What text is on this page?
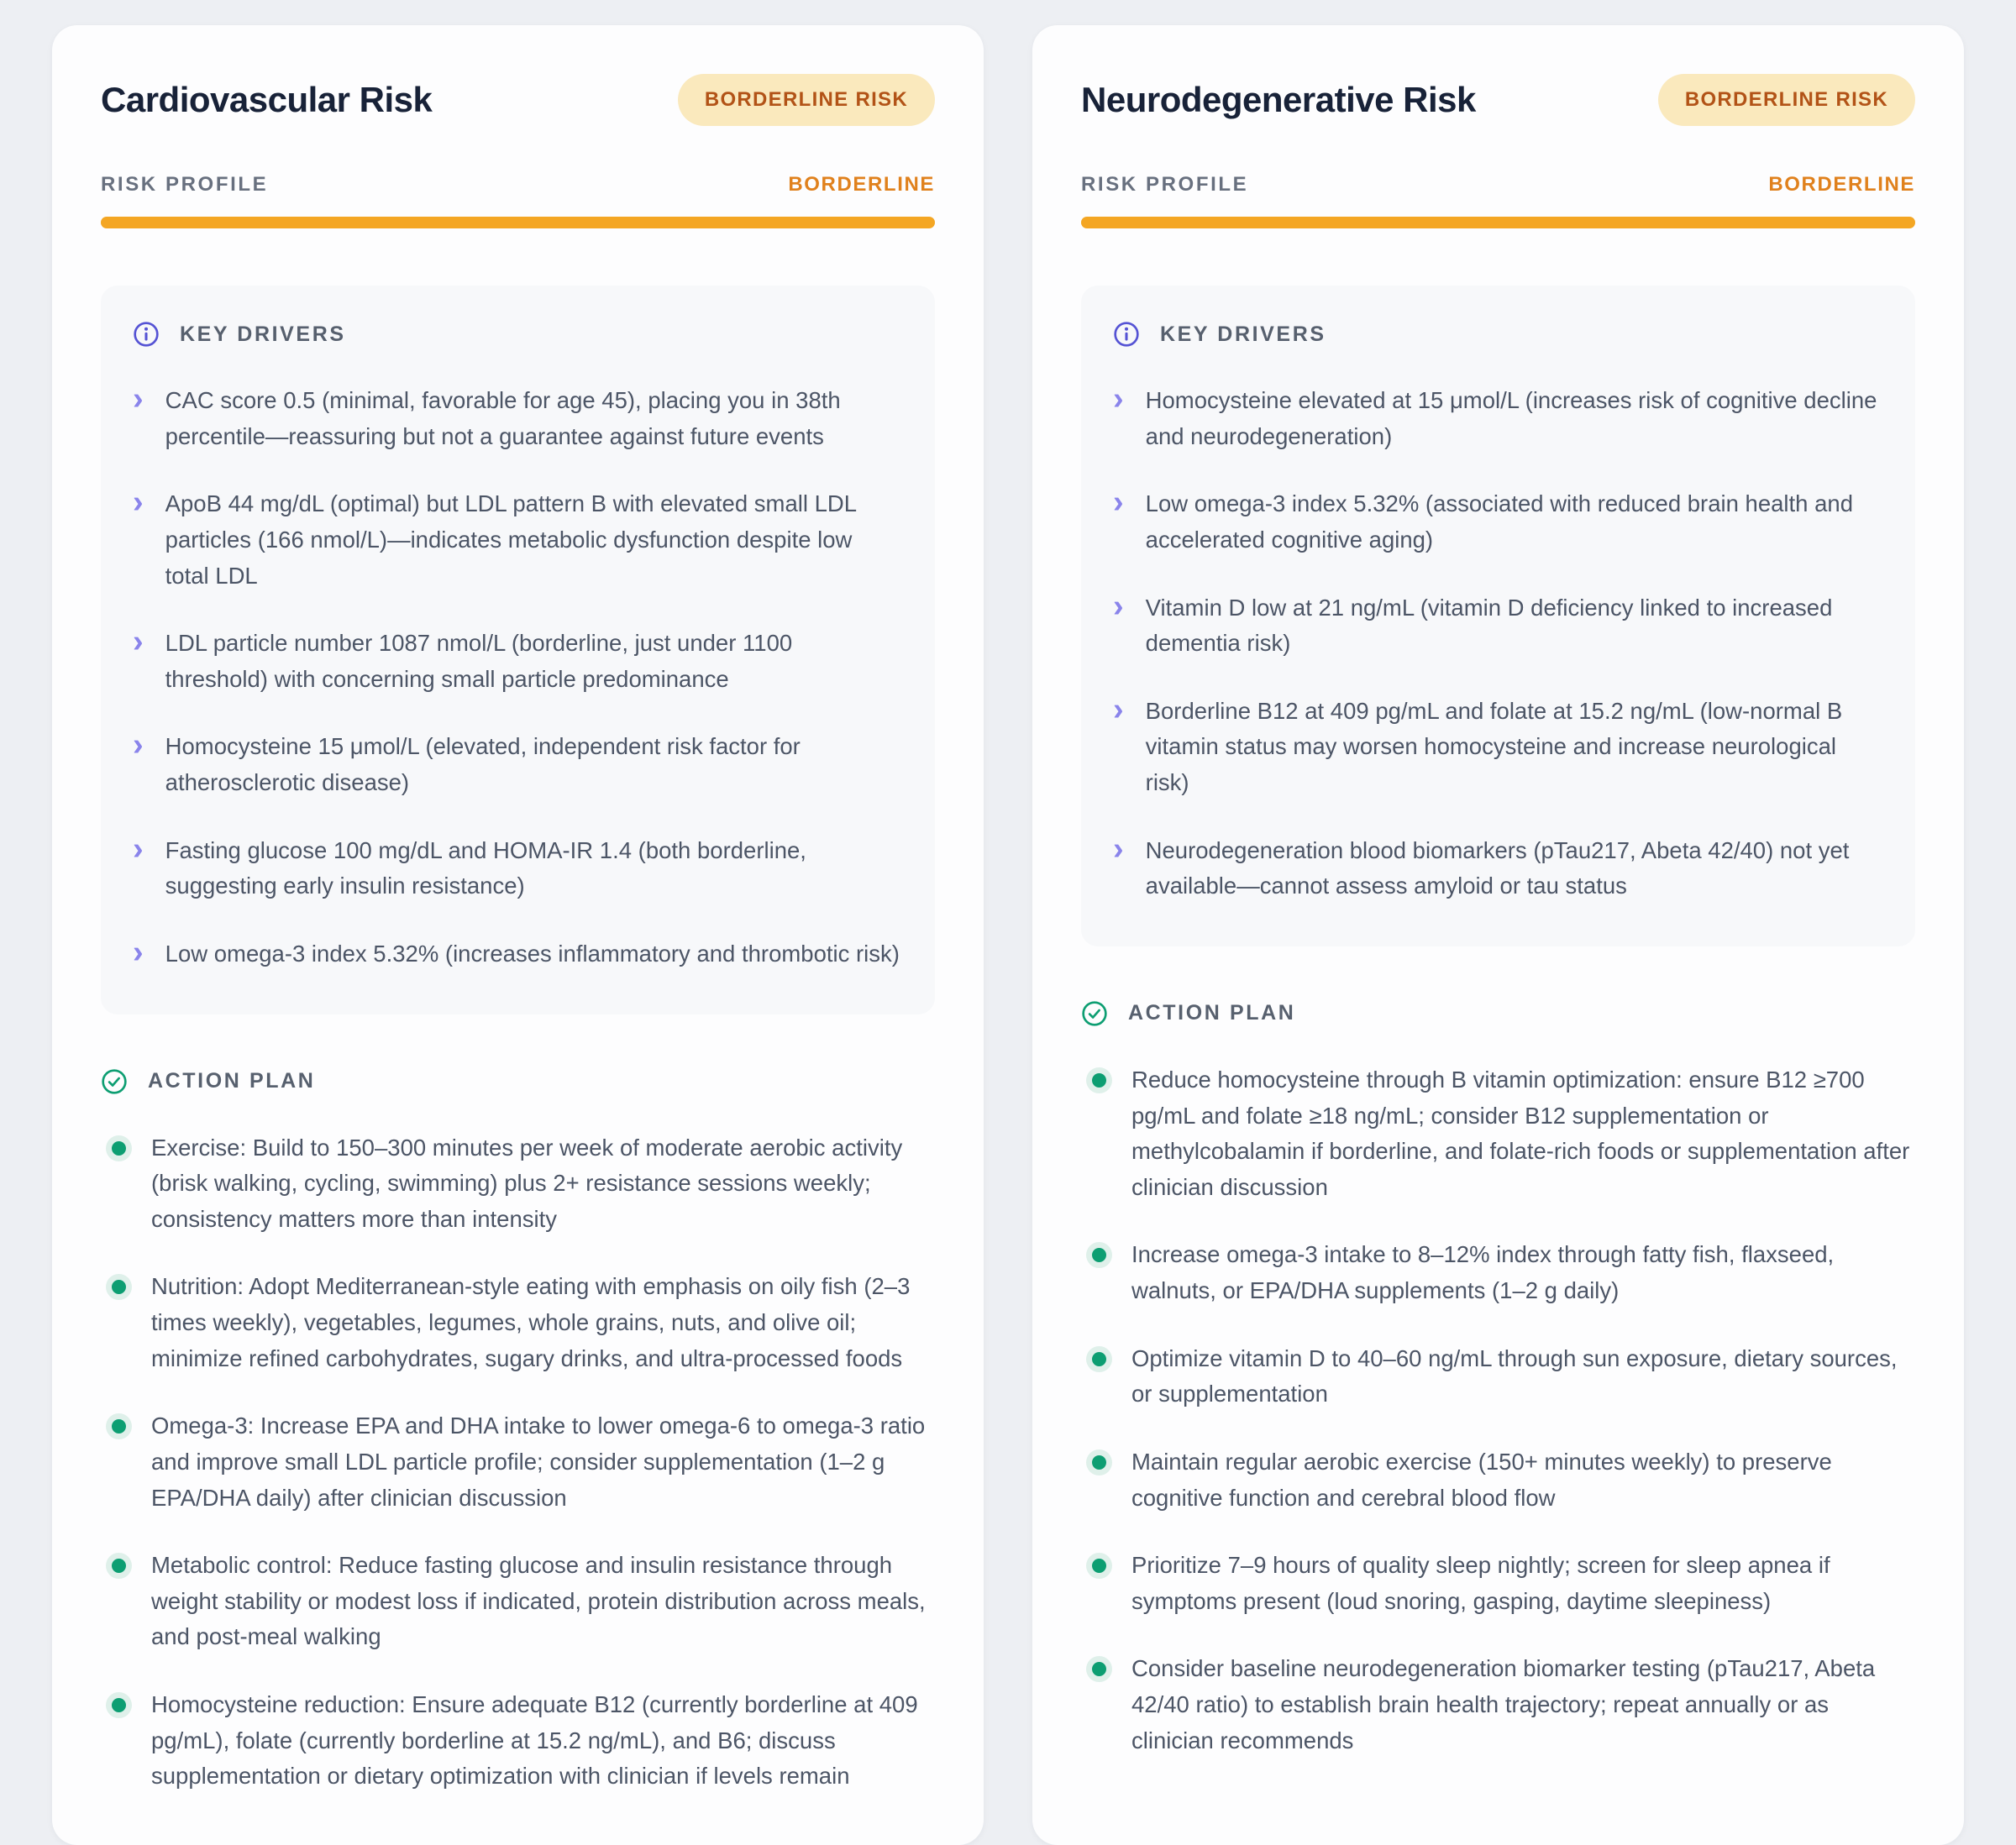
Cardiovascular Risk	BORDERLINE RISK
RISK PROFILE	BORDERLINE
KEY DRIVERS
› CAC score 0.5 (minimal, favorable for age 45), placing you in 38th percentile—reassuring but not a guarantee against future events
› ApoB 44 mg/dL (optimal) but LDL pattern B with elevated small LDL particles (166 nmol/L)—indicates metabolic dysfunction despite low total LDL
› LDL particle number 1087 nmol/L (borderline, just under 1100 threshold) with concerning small particle predominance
› Homocysteine 15 μmol/L (elevated, independent risk factor for atherosclerotic disease)
› Fasting glucose 100 mg/dL and HOMA-IR 1.4 (both borderline, suggesting early insulin resistance)
› Low omega-3 index 5.32% (increases inflammatory and thrombotic risk)
ACTION PLAN
Exercise: Build to 150–300 minutes per week of moderate aerobic activity (brisk walking, cycling, swimming) plus 2+ resistance sessions weekly; consistency matters more than intensity
Nutrition: Adopt Mediterranean-style eating with emphasis on oily fish (2–3 times weekly), vegetables, legumes, whole grains, nuts, and olive oil; minimize refined carbohydrates, sugary drinks, and ultra-processed foods
Omega-3: Increase EPA and DHA intake to lower omega-6 to omega-3 ratio and improve small LDL particle profile; consider supplementation (1–2 g EPA/DHA daily) after clinician discussion
Metabolic control: Reduce fasting glucose and insulin resistance through weight stability or modest loss if indicated, protein distribution across meals, and post-meal walking
Homocysteine reduction: Ensure adequate B12 (currently borderline at 409 pg/mL), folate (currently borderline at 15.2 ng/mL), and B6; discuss supplementation or dietary optimization with clinician if levels remain
Neurodegenerative Risk	BORDERLINE RISK
RISK PROFILE	BORDERLINE
KEY DRIVERS
› Homocysteine elevated at 15 μmol/L (increases risk of cognitive decline and neurodegeneration)
› Low omega-3 index 5.32% (associated with reduced brain health and accelerated cognitive aging)
› Vitamin D low at 21 ng/mL (vitamin D deficiency linked to increased dementia risk)
› Borderline B12 at 409 pg/mL and folate at 15.2 ng/mL (low-normal B vitamin status may worsen homocysteine and increase neurological risk)
› Neurodegeneration blood biomarkers (pTau217, Abeta 42/40) not yet available—cannot assess amyloid or tau status
ACTION PLAN
Reduce homocysteine through B vitamin optimization: ensure B12 ≥700 pg/mL and folate ≥18 ng/mL; consider B12 supplementation or methylcobalamin if borderline, and folate-rich foods or supplementation after clinician discussion
Increase omega-3 intake to 8–12% index through fatty fish, flaxseed, walnuts, or EPA/DHA supplements (1–2 g daily)
Optimize vitamin D to 40–60 ng/mL through sun exposure, dietary sources, or supplementation
Maintain regular aerobic exercise (150+ minutes weekly) to preserve cognitive function and cerebral blood flow
Prioritize 7–9 hours of quality sleep nightly; screen for sleep apnea if symptoms present (loud snoring, gasping, daytime sleepiness)
Consider baseline neurodegeneration biomarker testing (pTau217, Abeta 42/40 ratio) to establish brain health trajectory; repeat annually or as clinician recommends
